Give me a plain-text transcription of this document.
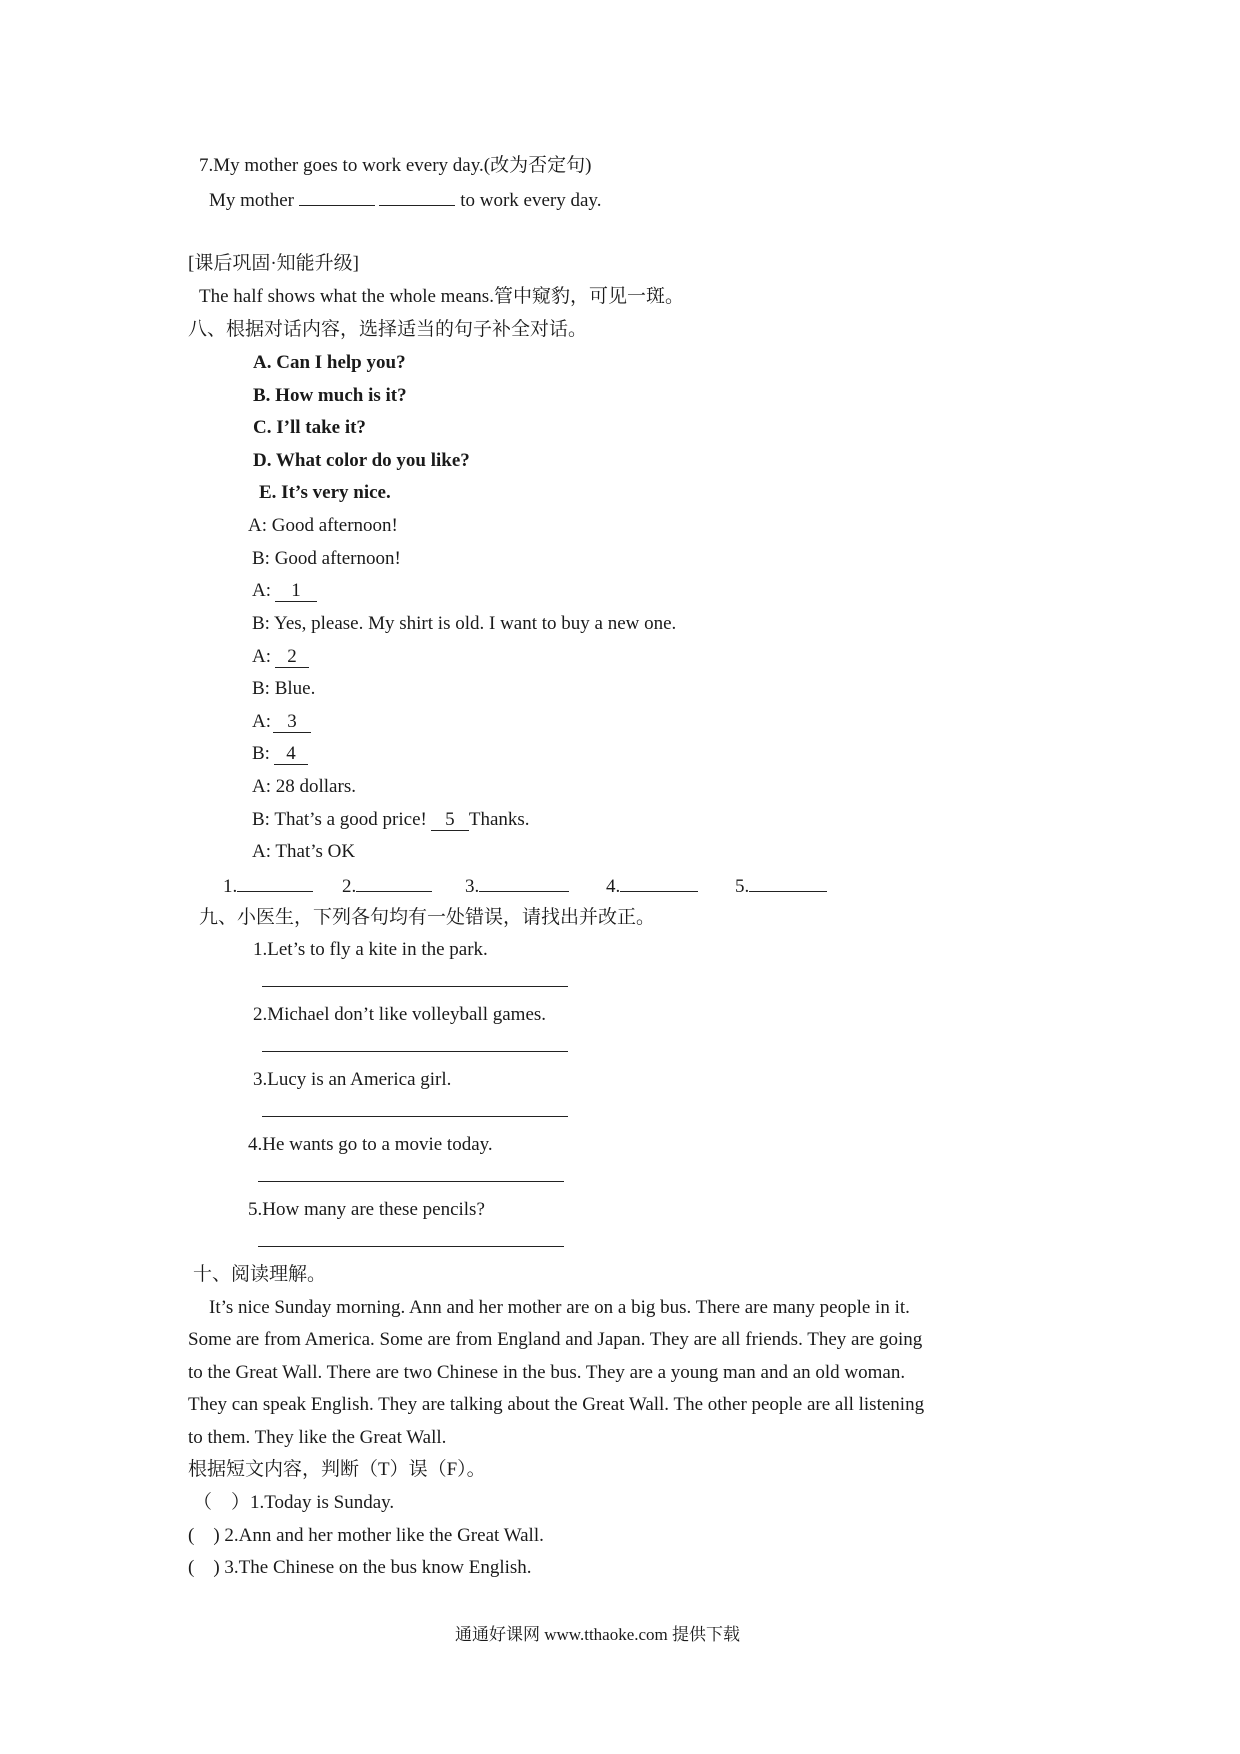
7.My mother goes to work every day.(改为否定句)
My mother	to work every day.
[课后巩固·知能升级]
The half shows what the whole means.管中窥豹，可见一斑。
八、根据对话内容，选择适当的句子补全对话。
A. Can I help you?
B. How much is it?
C. I’ll take it?
D. What color do you like?
E. It’s very nice.
A: Good afternoon!
B: Good afternoon!
A: 1
B: Yes, please. My shirt is old. I want to buy a new one.
A: 2
B: Blue.
A: 3
B: 4
A: 28 dollars.
B: That’s a good price! 5 Thanks.
A: That’s OK
1.	2.	3.	4.	5.
九、小医生，下列各句均有一处错误，请找出并改正。
1.Let’s to fly a kite in the park.
2.Michael don’t like volleyball games.
3.Lucy is an America girl.
4.He wants go to a movie today.
5.How many are these pencils?
十、阅读理解。
It’s nice Sunday morning. Ann and her mother are on a big bus. There are many people in it.
Some are from America. Some are from England and Japan. They are all friends. They are going
to the Great Wall. There are two Chinese in the bus. They are a young man and an old woman.
They can speak English. They are talking about the Great Wall. The other people are all listening
to them. They like the Great Wall.
根据短文内容，判断（T）误（F）。
（　）1.Today is Sunday.
(　) 2.Ann and her mother like the Great Wall.
(　) 3.The Chinese on the bus know English.
通通好课网 www.tthaoke.com 提供下载
